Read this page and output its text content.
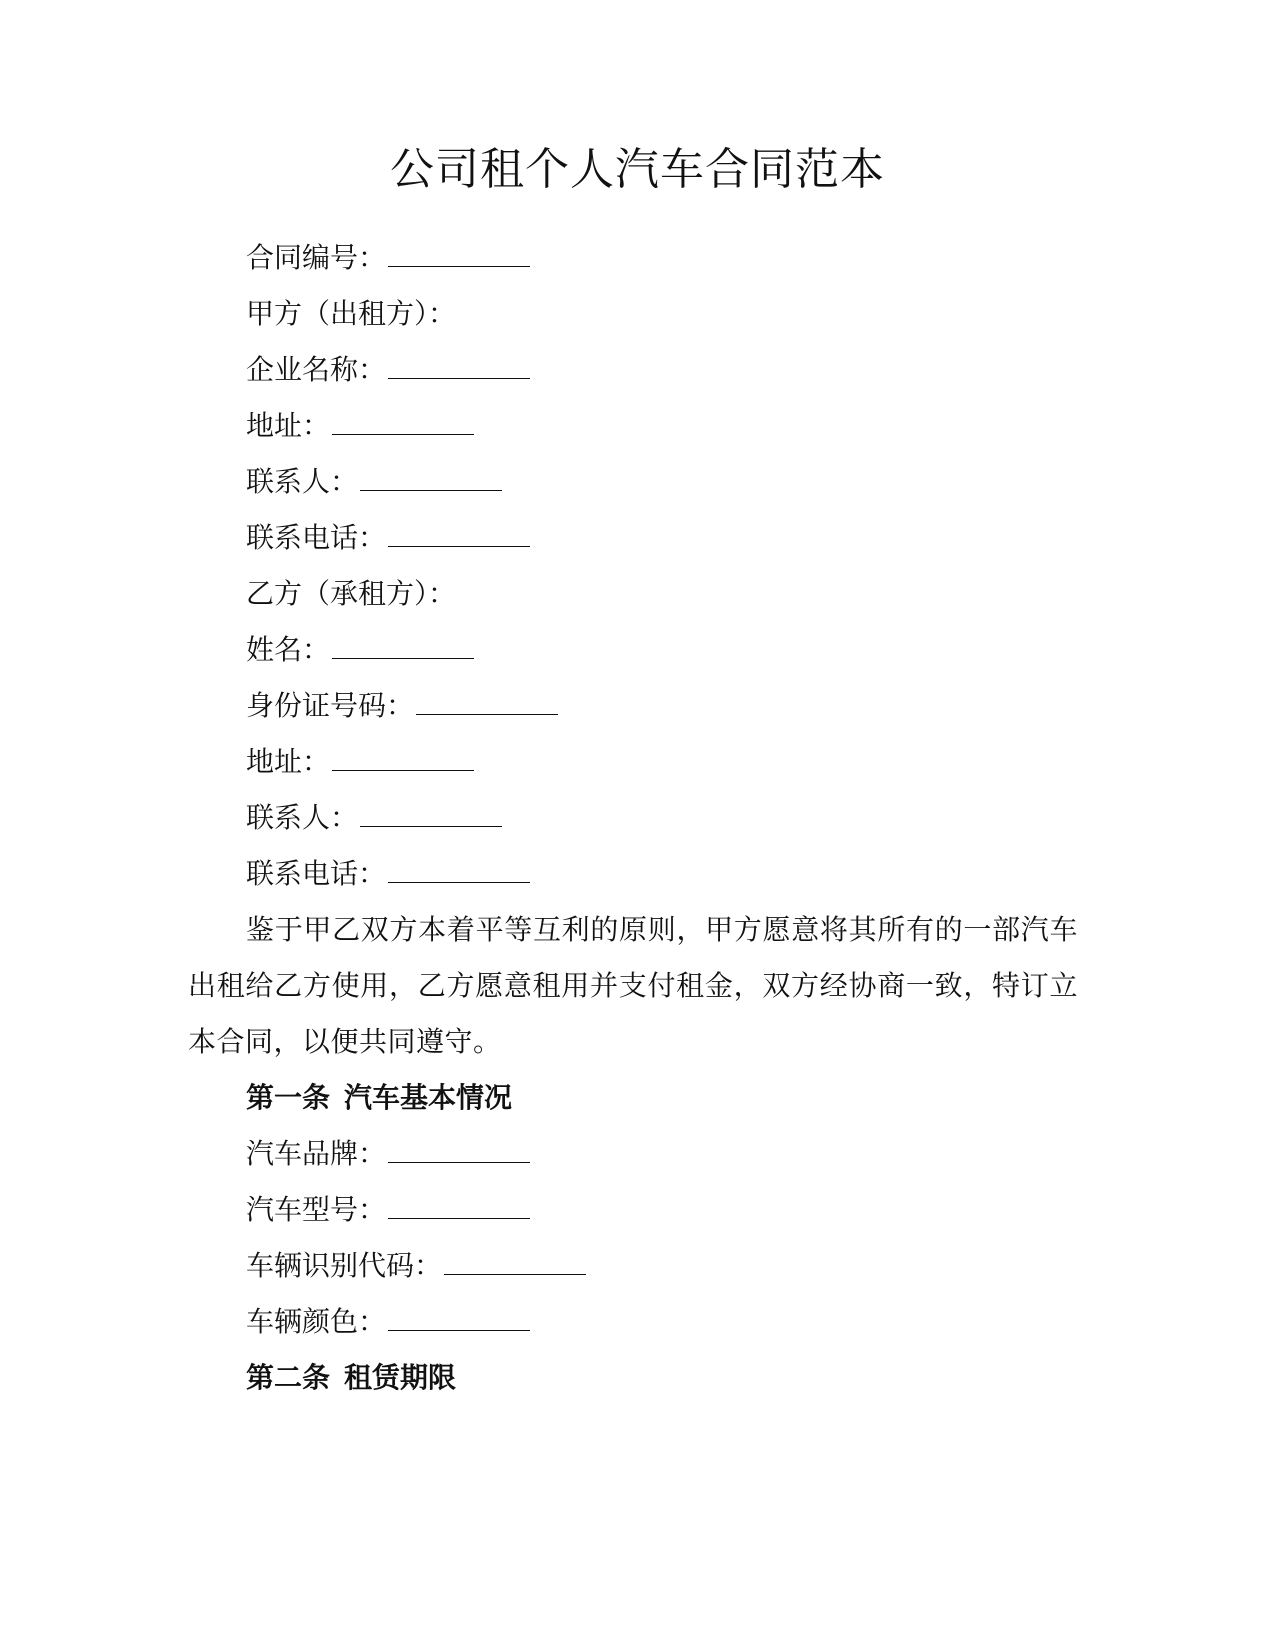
公司租个人汽车合同范本
合同编号：
甲方（出租方）：
企业名称：
地址：
联系人：
联系电话：
乙方（承租方）：
姓名：
身份证号码：
地址：
联系人：
联系电话：

鉴于甲乙双方本着平等互利的原则，甲方愿意将其所有的一部汽车出租给乙方使用，乙方愿意租用并支付租金，双方经协商一致，特订立本合同，以便共同遵守。

第一条 汽车基本情况
汽车品牌：
汽车型号：
车辆识别代码：
车辆颜色：
第二条 租赁期限
